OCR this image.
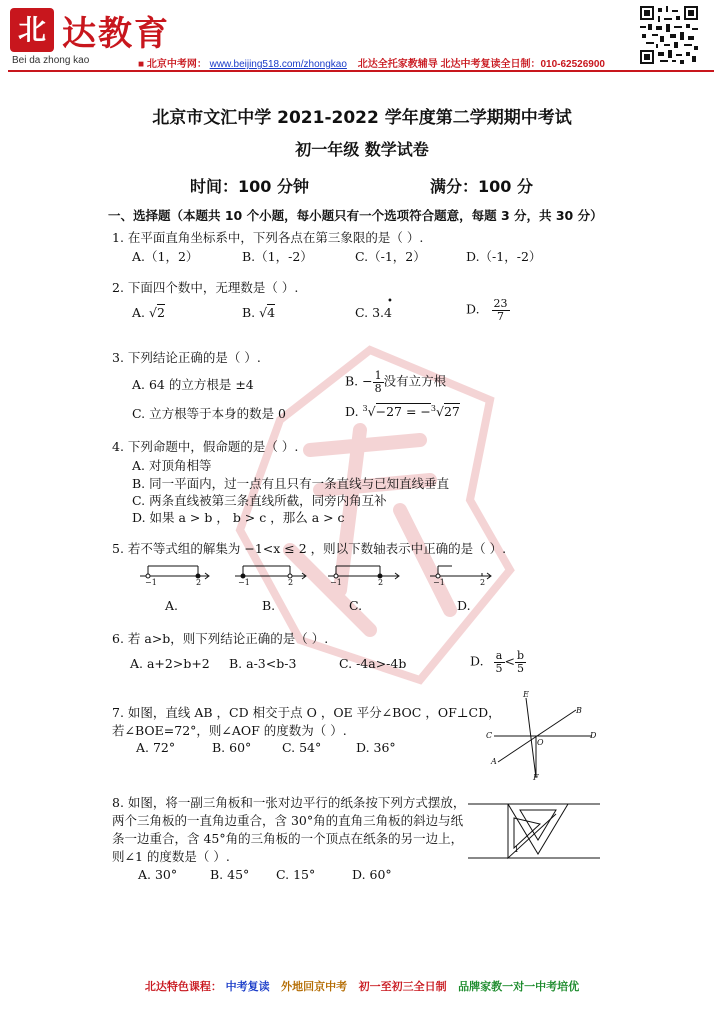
北 达教育
Bei da zhong kao	■ 北京中考网： www.beijing518.com/zhongkao 北达全托家教辅导 北达中考复读全日制：010-62526900
北京市文汇中学 2021-2022 学年度第二学期期中考试
初一年级 数学试卷
时间：100 分钟	满分：100 分
一、选择题（本题共 10 个小题，每小题只有一个选项符合题意，每题 3 分，共 30 分）
1. 在平面直角坐标系中，下列各点在第三象限的是（ ）.
A.（1，2）	B.（1，-2）	C.（-1，2）	D.（-1，-2）
2. 下面四个数中，无理数是（ ）.
A. √2	B. √4	C. 3.
•
4	D. $\frac{23}{7}$
3. 下列结论正确的是（ ）.
A. 64 的立方根是 ±4	B. − $\frac{1}{8}$ 没有立方根
C. 立方根等于本身的数是 0	D. $^3$√−27 = −$^3$√27
4. 下列命题中，假命题的是（ ）.
A. 对顶角相等
B. 同一平面内，过一点有且只有一条直线与已知直线垂直
C. 两条直线被第三条直线所截，同旁内角互补
D. 如果 a > b ， b > c ，那么 a > c
5. 若不等式组的解集为 −1<x ≤ 2 ，则以下数轴表示中正确的是（ ）.
−1	2	−1	2	−1	2	−1	2
A.	B.	C.	D.
6. 若 a>b，则下列结论正确的是（ ）.
A. a+2>b+2 B. a-3<b-3	C. -4a>-4b	D. $\frac{a}{5} < \frac{b}{5}$
7. 如图，直线 AB ，CD 相交于点 O ，OE 平分∠BOC ，OF⊥CD，
若∠BOE=72°，则∠AOF 的度数为（ ）.
A. 72°	B. 60° C. 54°	D. 36°
E
B
C
O
D
A
F
8. 如图，将一副三角板和一张对边平行的纸条按下列方式摆放，
两个三角板的一直角边重合，含 30°角的直角三角板的斜边与纸
条一边重合，含 45°角的三角板的一个顶点在纸条的另一边上，
则∠1 的度数是（ ）.
A. 30°	B. 45° C. 15°	D. 60°
1
北达特色课程： 中考复读 外地回京中考 初一至初三全日制 品牌家教一对一中考培优
